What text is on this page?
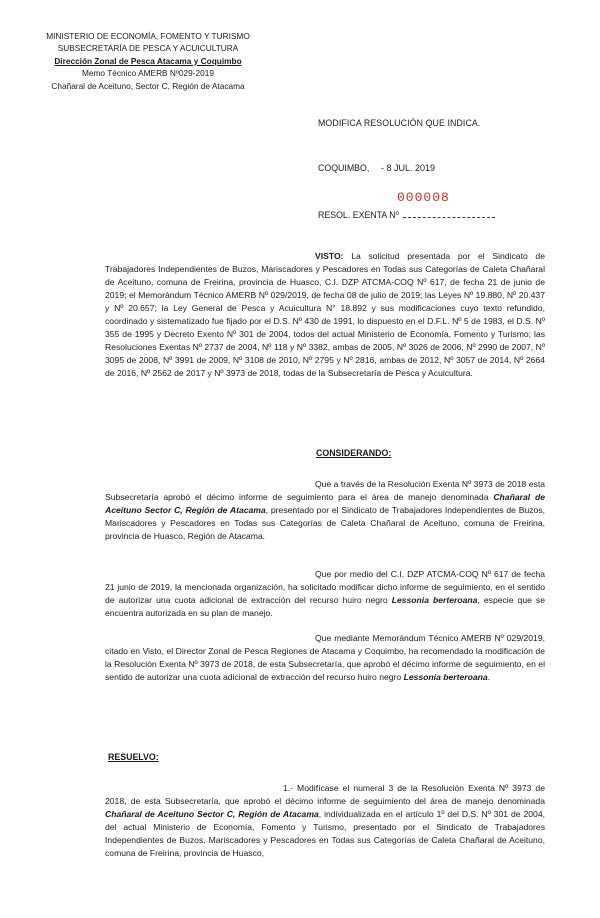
MINISTERIO DE ECONOMÍA, FOMENTO Y TURISMO
SUBSECRETARÍA DE PESCA Y ACUICULTURA
Dirección Zonal de Pesca Atacama y Coquimbo
Memo Técnico AMERB Nº029-2019
Chañaral de Aceituno, Sector C, Región de Atacama
MODIFICA RESOLUCIÓN QUE INDICA.
COQUIMBO, - 8 JUL. 2019
000008
RESOL. EXENTA Nº
VISTO: La solicitud presentada por el Sindicato de Trabajadores Independientes de Buzos, Mariscadores y Pescadores en Todas sus Categorías de Caleta Chañaral de Aceituno, comuna de Freirina, provincia de Huasco, C.I. DZP ATCMA-COQ Nº 617, de fecha 21 de junio de 2019; el Memorándum Técnico AMERB Nº 029/2019, de fecha 08 de julio de 2019; las Leyes Nº 19.880, Nº 20.437 y Nº 20.657; la Ley General de Pesca y Acuicultura N° 18.892 y sus modificaciones cuyo texto refundido, coordinado y sistematizado fue fijado por el D.S. Nº 430 de 1991, lo dispuesto en el D.F.L. Nº 5 de 1983, el D.S. Nº 355 de 1995 y Decreto Exento Nº 301 de 2004, todos del actual Ministerio de Economía, Fomento y Turismo; las Resoluciones Exentas Nº 2737 de 2004, Nº 118 y Nº 3382, ambas de 2005, Nº 3026 de 2006, Nº 2990 de 2007, Nº 3095 de 2008, Nº 3991 de 2009, Nº 3108 de 2010, Nº 2795 y Nº 2816, ambas de 2012, Nº 3057 de 2014, Nº 2664 de 2016, Nº 2562 de 2017 y Nº 3973 de 2018, todas de la Subsecretaría de Pesca y Acuicultura.
CONSIDERANDO:
Que a través de la Resolución Exenta Nº 3973 de 2018 esta Subsecretaría aprobó el décimo informe de seguimiento para el área de manejo denominada Chañaral de Aceituno Sector C, Región de Atacama, presentado por el Sindicato de Trabajadores Independientes de Buzos, Mariscadores y Pescadores en Todas sus Categorías de Caleta Chañaral de Aceituno, comuna de Freirina, provincia de Huasco, Región de Atacama.
Que por medio del C.I. DZP ATCMA-COQ Nº 617 de fecha 21 junio de 2019, la mencionada organización, ha solicitado modificar dicho informe de seguimiento, en el sentido de autorizar una cuota adicional de extracción del recurso huiro negro Lessonia berteroana, especie que se encuentra autorizada en su plan de manejo.
Que mediante Memorándum Técnico AMERB Nº 029/2019, citado en Visto, el Director Zonal de Pesca Regiones de Atacama y Coquimbo, ha recomendado la modificación de la Resolución Exenta Nº 3973 de 2018, de esta Subsecretaría, que aprobó el décimo informe de seguimiento, en el sentido de autorizar una cuota adicional de extracción del recurso huiro negro Lessonia berteroana.
RESUELVO:
1.- Modifícase el numeral 3 de la Resolución Exenta Nº 3973 de 2018, de esta Subsecretaría, que aprobó el décimo informe de seguimiento del área de manejo denominada Chañaral de Aceituno Sector C, Región de Atacama, individualizada en el artículo 1º del D.S. Nº 301 de 2004, del actual Ministerio de Economía, Fomento y Turismo, presentado por el Sindicato de Trabajadores Independientes de Buzos, Mariscadores y Pescadores en Todas sus Categorías de Caleta Chañaral de Aceituno, comuna de Freirina, provincia de Huasco,
